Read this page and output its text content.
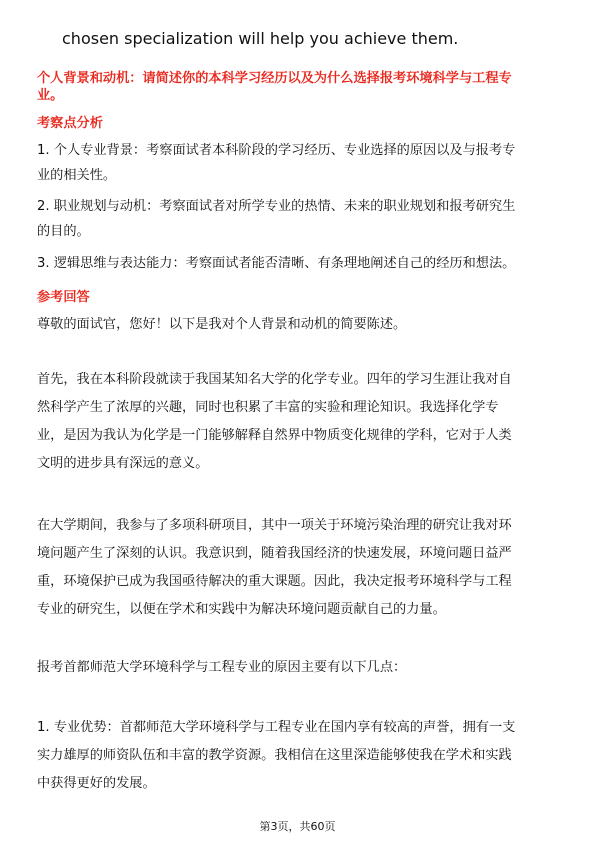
chosen specialization will help you achieve them.
个人背景和动机：请简述你的本科学习经历以及为什么选择报考环境科学与工程专
业。
考察点分析
1. 个人专业背景：考察面试者本科阶段的学习经历、专业选择的原因以及与报考专
业的相关性。
2. 职业规划与动机：考察面试者对所学专业的热情、未来的职业规划和报考研究生
的目的。
3. 逻辑思维与表达能力：考察面试者能否清晰、有条理地阐述自己的经历和想法。
参考回答
尊敬的面试官，您好！以下是我对个人背景和动机的简要陈述。
首先，我在本科阶段就读于我国某知名大学的化学专业。四年的学习生涯让我对自
然科学产生了浓厚的兴趣，同时也积累了丰富的实验和理论知识。我选择化学专
业，是因为我认为化学是一门能够解释自然界中物质变化规律的学科，它对于人类
文明的进步具有深远的意义。
在大学期间，我参与了多项科研项目，其中一项关于环境污染治理的研究让我对环
境问题产生了深刻的认识。我意识到，随着我国经济的快速发展，环境问题日益严
重，环境保护已成为我国亟待解决的重大课题。因此，我决定报考环境科学与工程
专业的研究生，以便在学术和实践中为解决环境问题贡献自己的力量。
报考首都师范大学环境科学与工程专业的原因主要有以下几点：
1. 专业优势：首都师范大学环境科学与工程专业在国内享有较高的声誉，拥有一支
实力雄厚的师资队伍和丰富的教学资源。我相信在这里深造能够使我在学术和实践
中获得更好的发展。
第3页，共60页
